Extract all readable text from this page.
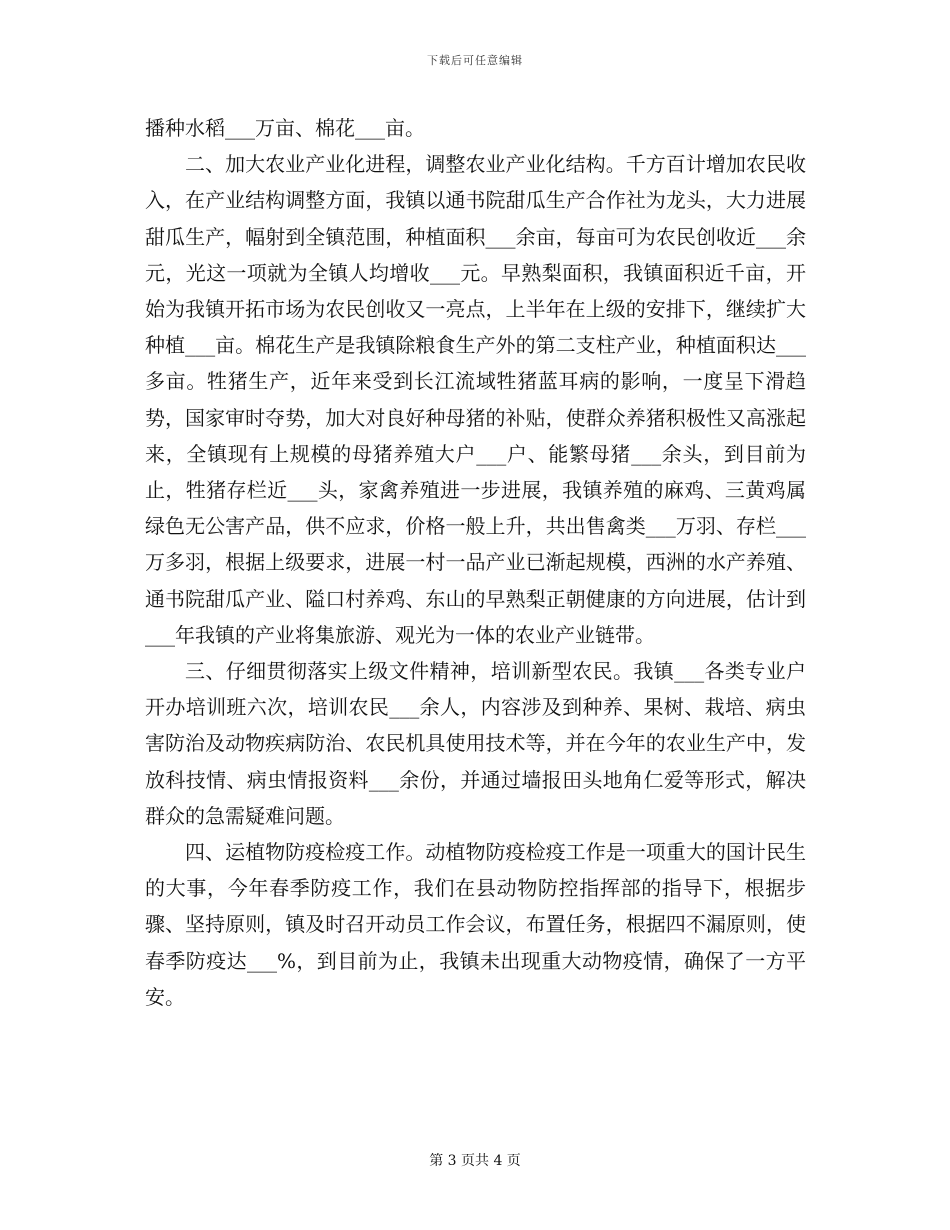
下载后可任意编辑

播种水稻___万亩、棉花___亩。

二、加大农业产业化进程，调整农业产业化结构。千方百计增加农民收入，在产业结构调整方面，我镇以通书院甜瓜生产合作社为龙头，大力进展甜瓜生产，幅射到全镇范围，种植面积___余亩，每亩可为农民创收近___余元，光这一项就为全镇人均增收___元。早熟梨面积，我镇面积近千亩，开始为我镇开拓市场为农民创收又一亮点，上半年在上级的安排下，继续扩大种植___亩。棉花生产是我镇除粮食生产外的第二支柱产业，种植面积达___多亩。牲猪生产，近年来受到长江流域牲猪蓝耳病的影响，一度呈下滑趋势，国家审时夺势，加大对良好种母猪的补贴，使群众养猪积极性又高涨起来，全镇现有上规模的母猪养殖大户___户、能繁母猪___余头，到目前为止，牲猪存栏近___头，家禽养殖进一步进展，我镇养殖的麻鸡、三黄鸡属绿色无公害产品，供不应求，价格一般上升，共出售禽类___万羽、存栏___万多羽，根据上级要求，进展一村一品产业已渐起规模，西洲的水产养殖、通书院甜瓜产业、隘口村养鸡、东山的早熟梨正朝健康的方向进展，估计到___年我镇的产业将集旅游、观光为一体的农业产业链带。

三、仔细贯彻落实上级文件精神，培训新型农民。我镇___各类专业户开办培训班六次，培训农民___余人，内容涉及到种养、果树、栽培、病虫害防治及动物疾病防治、农民机具使用技术等，并在今年的农业生产中，发放科技情、病虫情报资料___余份，并通过墙报田头地角仁爱等形式，解决群众的急需疑难问题。

四、运植物防疫检疫工作。动植物防疫检疫工作是一项重大的国计民生的大事，今年春季防疫工作，我们在县动物防控指挥部的指导下，根据步骤、坚持原则，镇及时召开动员工作会议，布置任务，根据四不漏原则，使春季防疫达___%，到目前为止，我镇未出现重大动物疫情，确保了一方平安。

第 3 页共 4 页
